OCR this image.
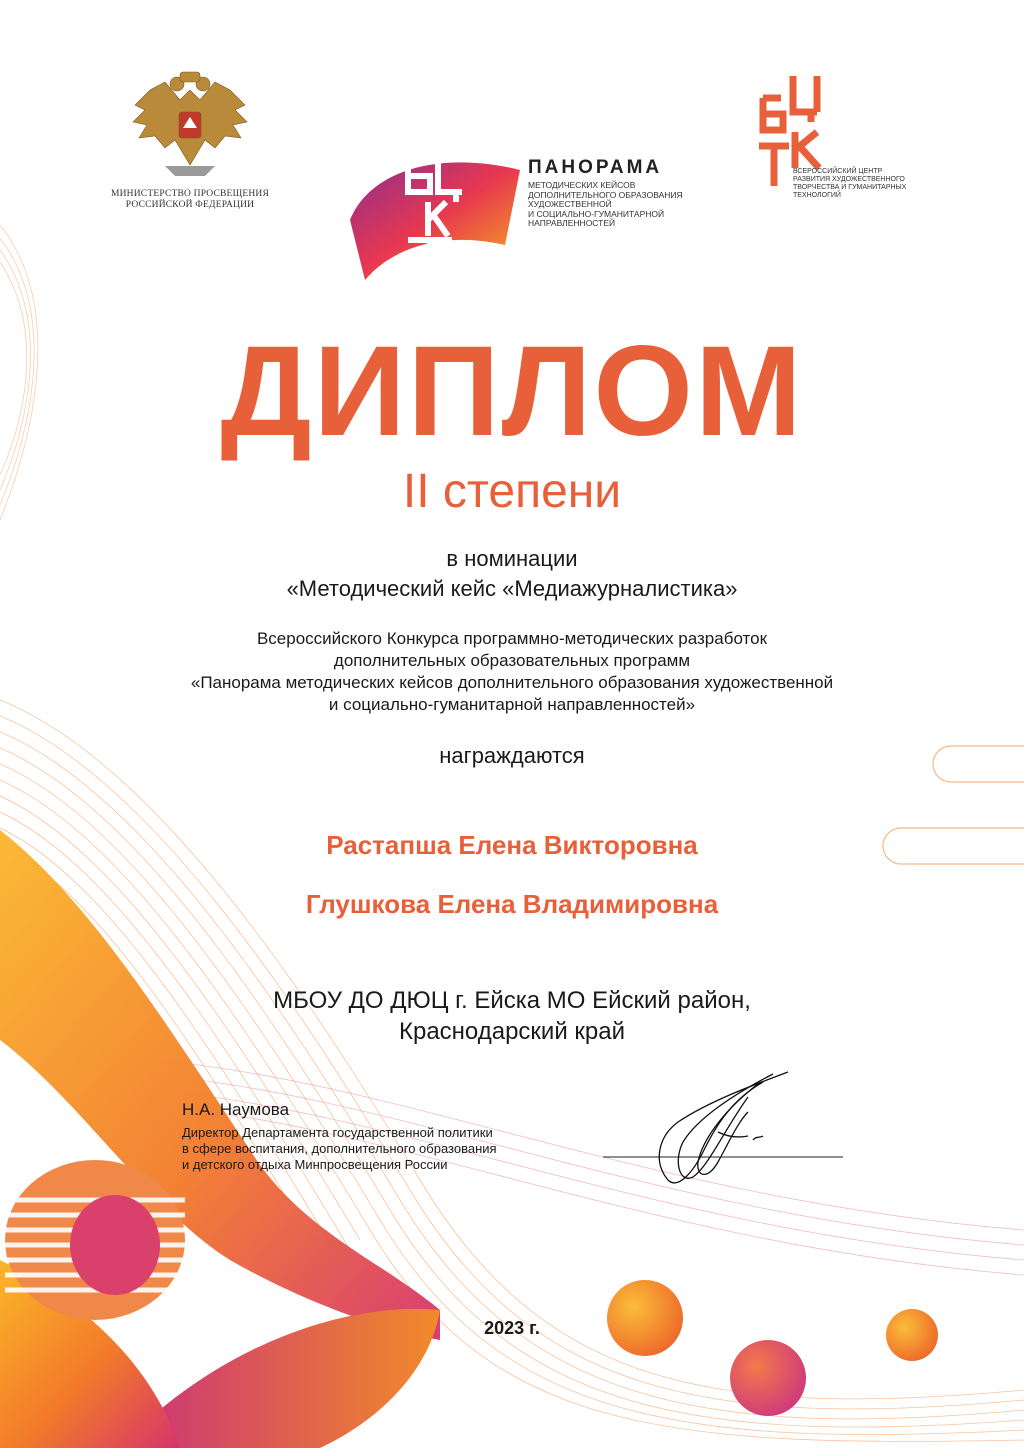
МИНИСТЕРСТВО ПРОСВЕЩЕНИЯ
РОССИЙСКОЙ ФЕДЕРАЦИИ
ПАНОРАМА
МЕТОДИЧЕСКИХ КЕЙСОВ
ДОПОЛНИТЕЛЬНОГО ОБРАЗОВАНИЯ
ХУДОЖЕСТВЕННОЙ
И СОЦИАЛЬНО-ГУМАНИТАРНОЙ
НАПРАВЛЕННОСТЕЙ
ВСЕРОССИЙСКИЙ ЦЕНТР
РАЗВИТИЯ ХУДОЖЕСТВЕННОГО
ТВОРЧЕСТВА И ГУМАНИТАРНЫХ
ТЕХНОЛОГИЙ
ДИПЛОМ
II степени
в номинации
«Методический кейс «Медиажурналистика»
Всероссийского Конкурса программно-методических разработок
дополнительных образовательных программ
«Панорама методических кейсов дополнительного образования художественной
и социально-гуманитарной направленностей»
награждаются
Растапша Елена Викторовна
Глушкова Елена Владимировна
МБОУ ДО ДЮЦ г. Ейска МО Ейский район,
Краснодарский край
Н.А. Наумова
Директор Департамента государственной политики
в сфере воспитания, дополнительного образования
и детского отдыха Минпросвещения России
2023 г.
